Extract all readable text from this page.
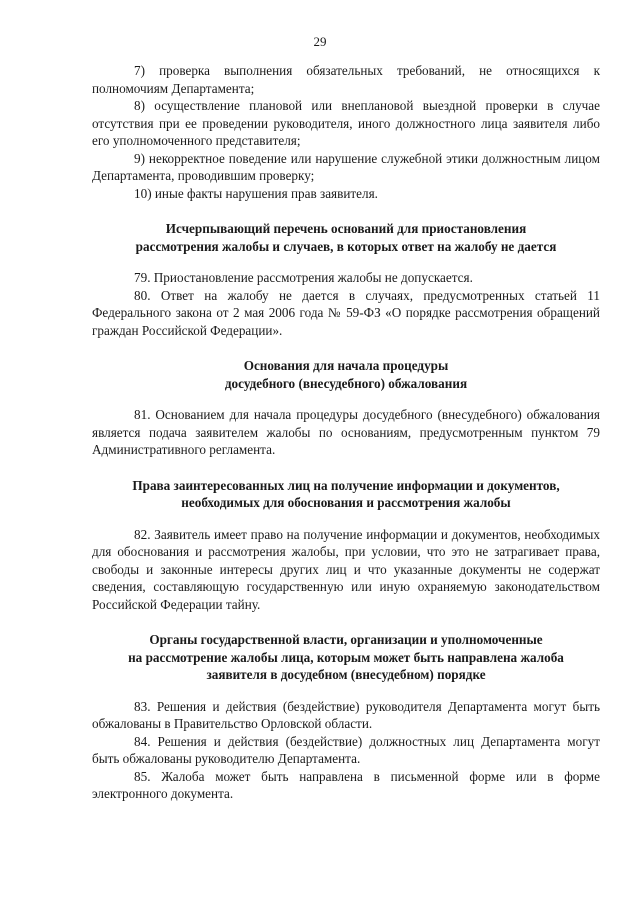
29

7) проверка выполнения обязательных требований, не относящихся к полномочиям Департамента;

8) осуществление плановой или внеплановой выездной проверки в случае отсутствия при ее проведении руководителя, иного должностного лица заявителя либо его уполномоченного представителя;

9) некорректное поведение или нарушение служебной этики должностным лицом Департамента, проводившим проверку;

10) иные факты нарушения прав заявителя.

Исчерпывающий перечень оснований для приостановления
рассмотрения жалобы и случаев, в которых ответ на жалобу не дается

79. Приостановление рассмотрения жалобы не допускается.

80. Ответ на жалобу не дается в случаях, предусмотренных статьей 11 Федерального закона от 2 мая 2006 года № 59-ФЗ «О порядке рассмотрения обращений граждан Российской Федерации».

Основания для начала процедуры
досудебного (внесудебного) обжалования

81. Основанием для начала процедуры досудебного (внесудебного) обжалования является подача заявителем жалобы по основаниям, предусмотренным пунктом 79 Административного регламента.

Права заинтересованных лиц на получение информации и документов,
необходимых для обоснования и рассмотрения жалобы

82. Заявитель имеет право на получение информации и документов, необходимых для обоснования и рассмотрения жалобы, при условии, что это не затрагивает права, свободы и законные интересы других лиц и что указанные документы не содержат сведения, составляющую государственную или иную охраняемую законодательством Российской Федерации тайну.

Органы государственной власти, организации и уполномоченные
на рассмотрение жалобы лица, которым может быть направлена жалоба
заявителя в досудебном (внесудебном) порядке

83. Решения и действия (бездействие) руководителя Департамента могут быть обжалованы в Правительство Орловской области.

84. Решения и действия (бездействие) должностных лиц Департамента могут быть обжалованы руководителю Департамента.

85. Жалоба может быть направлена в письменной форме или в форме электронного документа.
